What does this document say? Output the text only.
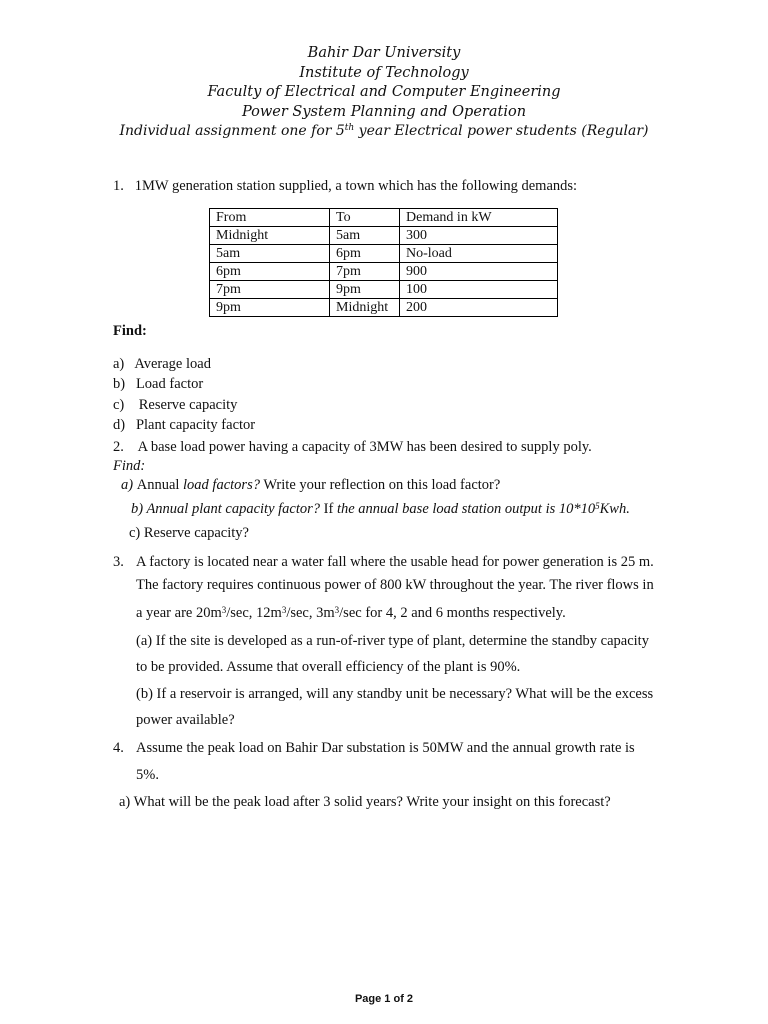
Bahir Dar University
Institute of Technology
Faculty of Electrical and Computer Engineering
Power System Planning and Operation
Individual assignment one for 5th year Electrical power students (Regular)
1.   1MW generation station supplied, a town which has the following demands:
From	To	Demand in kW
Midnight	5am	300
5am	6pm	No-load
6pm	7pm	900
7pm	9pm	100
9pm	Midnight	200
Find:
a)   Average load
b)   Load factor
c)    Reserve capacity
d)   Plant capacity factor
2.    A base load power having a capacity of 3MW has been desired to supply poly.
Find:
a) Annual load factors? Write your reflection on this load factor?
b) Annual plant capacity factor? If the annual base load station output is $10*10^5Kwh$.
c) Reserve capacity?
3. A factory is located near a water fall where the usable head for power generation is 25 m.
The factory requires continuous power of 800 kW throughout the year. The river flows in
a year are $20m^3/\sec$, $12m^3/\sec$, $3m^3/\sec$ for 4, 2 and 6 months respectively.
(a) If the site is developed as a run-of-river type of plant, determine the standby capacity
to be provided. Assume that overall efficiency of the plant is 90%.
(b) If a reservoir is arranged, will any standby unit be necessary? What will be the excess
power available?
4. Assume the peak load on Bahir Dar substation is 50MW and the annual growth rate is
5%.
a) What will be the peak load after 3 solid years? Write your insight on this forecast?
Page 1 of 2
